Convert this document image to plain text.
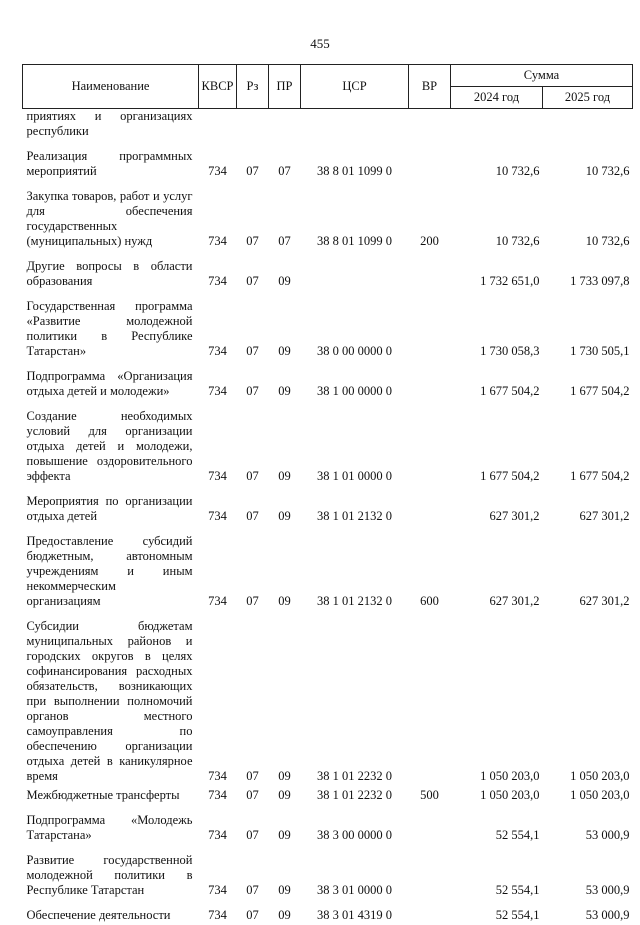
455
Наименование	КВСР	Рз	ПР	ЦСР	ВР	Сумма	
						2024 год	2025 год
приятиях и организациях республики							
Реализация программных мероприятий	734	07	07	38 8 01 1099 0		10 732,6	10 732,6
Закупка товаров, работ и услуг для обеспечения государственных (муниципальных) нужд	734	07	07	38 8 01 1099 0	200	10 732,6	10 732,6
Другие вопросы в области образования	734	07	09			1 732 651,0	1 733 097,8
Государственная программа «Развитие молодежной политики в Республике Татарстан»	734	07	09	38 0 00 0000 0		1 730 058,3	1 730 505,1
Подпрограмма «Организация отдыха детей и молодежи»	734	07	09	38 1 00 0000 0		1 677 504,2	1 677 504,2
Создание необходимых условий для организации отдыха детей и молодежи, повышение оздоровительного эффекта	734	07	09	38 1 01 0000 0		1 677 504,2	1 677 504,2
Мероприятия по организации отдыха детей	734	07	09	38 1 01 2132 0		627 301,2	627 301,2
Предоставление субсидий бюджетным, автономным учреждениям и иным некоммерческим организациям	734	07	09	38 1 01 2132 0	600	627 301,2	627 301,2
Субсидии бюджетам муниципальных районов и городских округов в целях софинансирования расходных обязательств, возникающих при выполнении полномочий органов местного самоуправления по обеспечению организации отдыха детей в каникулярное время	734	07	09	38 1 01 2232 0		1 050 203,0	1 050 203,0
Межбюджетные трансферты	734	07	09	38 1 01 2232 0	500	1 050 203,0	1 050 203,0
Подпрограмма «Молодежь Татарстана»	734	07	09	38 3 00 0000 0		52 554,1	53 000,9
Развитие государственной молодежной политики в Республике Татарстан	734	07	09	38 3 01 0000 0		52 554,1	53 000,9
Обеспечение деятельности	734	07	09	38 3 01 4319 0		52 554,1	53 000,9
